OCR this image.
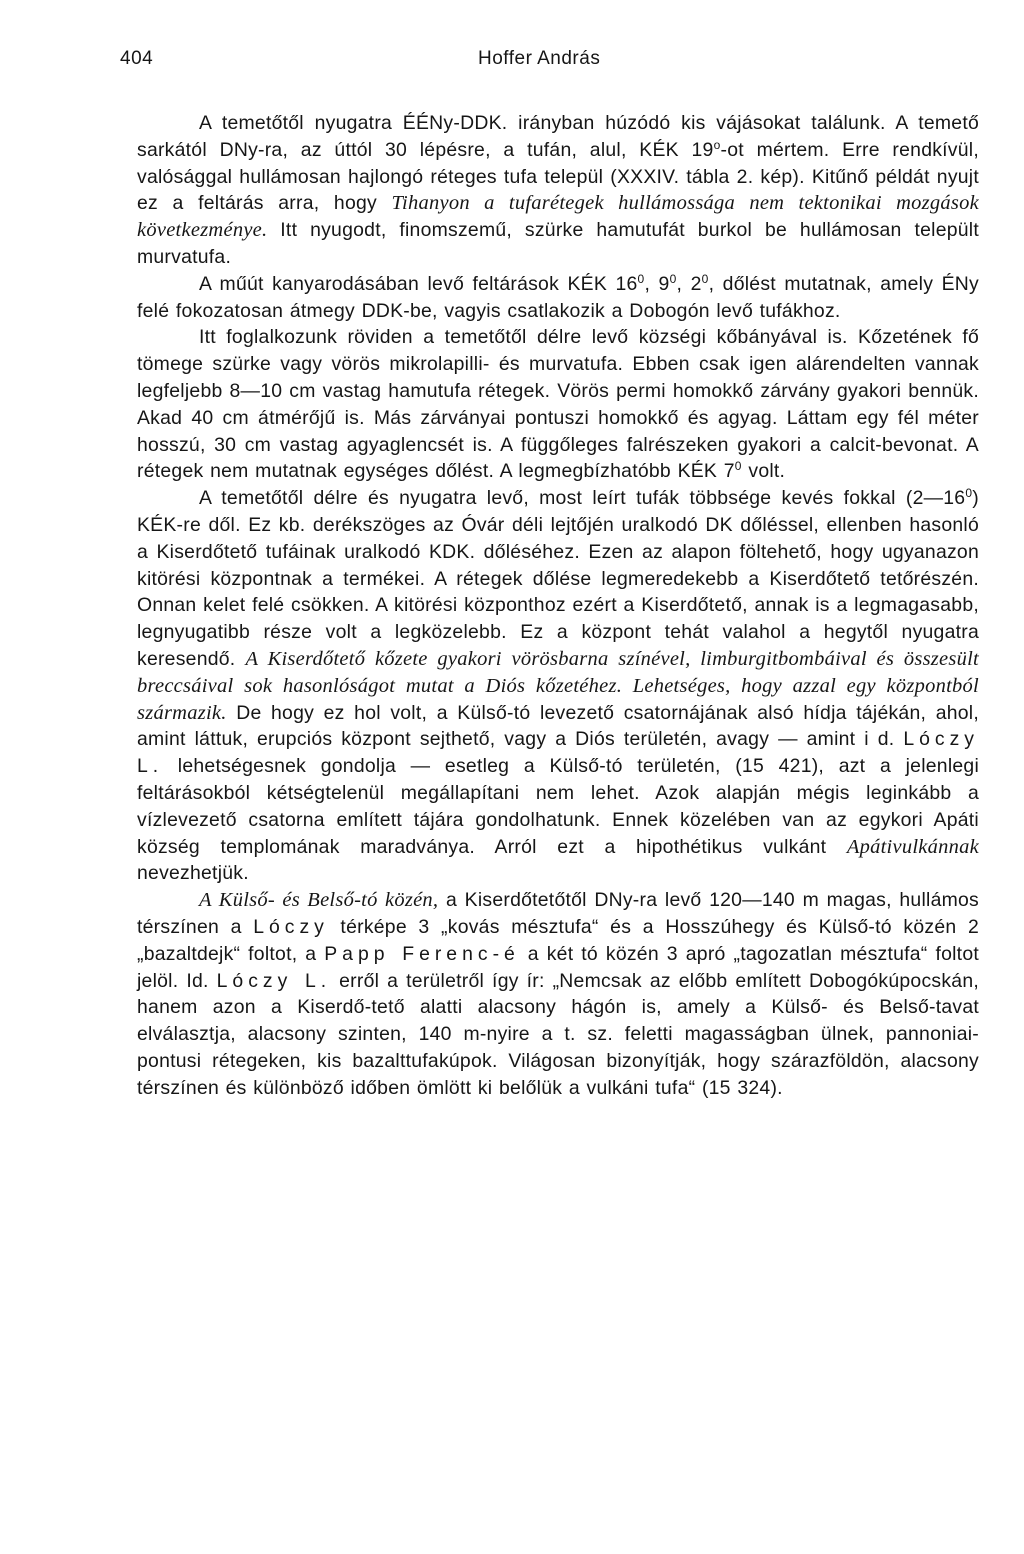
404	Hoffer András

A temetőtől nyugatra ÉÉNy-DDK. irányban húzódó kis vájásokat találunk. A temető sarkától DNy-ra, az úttól 30 lépésre, a tufán, alul, KÉK 19$^o$-ot mértem. Erre rendkívül, valósággal hullámosan hajlongó réteges tufa települ (XXXIV. tábla 2. kép). Kitűnő példát nyujt ez a feltárás arra, hogy Tihanyon a tufarétegek hullámossága nem tektonikai mozgások következménye. Itt nyugodt, finomszemű, szürke hamutufát burkol be hullámosan települt murvatufa.

A műút kanyarodásában levő feltárások KÉK $16^0$, $9^0$, $2^0$, dőlést mutatnak, amely ÉNy felé fokozatosan átmegy DDK-be, vagyis csatlakozik a Dobogón levő tufákhoz.

Itt foglalkozunk röviden a temetőtől délre levő községi kőbányával is. Kőzetének fő tömege szürke vagy vörös mikrolapilli- és murvatufa. Ebben csak igen alárendelten vannak legfeljebb 8—10 cm vastag hamutufa rétegek. Vörös permi homokkő zárvány gyakori bennük. Akad 40 cm átmérőjű is. Más zárványai pontuszi homokkő és agyag. Láttam egy fél méter hosszú, 30 cm vastag agyaglencsét is. A függőleges falrészeken gyakori a calcit-bevonat. A rétegek nem mutatnak egységes dőlést. A legmegbízhatóbb KÉK $7^0$ volt.

A temetőtől délre és nyugatra levő, most leírt tufák többsége kevés fokkal $(2—16^0)$ KÉK-re dől. Ez kb. derékszöges az Óvár déli lejtőjén uralkodó DK dőléssel, ellenben hasonló a Kiserdőtető tufáinak uralkodó KDK. dőléséhez. Ezen az alapon föltehető, hogy ugyanazon kitörési központnak a termékei. A rétegek dőlése legmeredekebb a Kiserdőtető tetőrészén. Onnan kelet felé csökken. A kitörési központhoz ezért a Kiserdőtető, annak is a legmagasabb, legnyugatibb része volt a legközelebb. Ez a központ tehát valahol a hegytől nyugatra keresendő. A Kiserdőtető kőzete gyakori vörösbarna színével, limburgitbombáival és összesült breccsáival sok hasonlóságot mutat a Diós kőzetéhez. Lehetséges, hogy azzal egy központból származik. De hogy ez hol volt, a Külső-tó levezető csatornájának alsó hídja tájékán, ahol, amint láttuk, erupciós központ sejthető, vagy a Diós területén, avagy — amint i d. Lóczy L. lehetségesnek gondolja — esetleg a Külső-tó területén, (15 421), azt a jelenlegi feltárásokból kétségtelenül megállapítani nem lehet. Azok alapján mégis leginkább a vízlevezető csatorna említett tájára gondolhatunk. Ennek közelében van az egykori Apáti község templomának maradványa. Arról ezt a hipothétikus vulkánt Apátivulkánnak nevezhetjük.

A Külső- és Belső-tó közén, a Kiserdőtetőtől DNy-ra levő 120—140 m magas, hullámos térszínen a Lóczy térképe 3 „kovás mésztufa“ és a Hosszúhegy és Külső-tó közén 2 „bazaltdejk“ foltot, a Papp Ferenc-é a két tó közén 3 apró „tagozatlan mésztufa“ foltot jelöl. Id. Lóczy L. erről a területről így ír: „Nemcsak az előbb említett Dobogókúpocskán, hanem azon a Kiserdő-tető alatti alacsony hágón is, amely a Külső- és Belső-tavat elválasztja, alacsony szinten, 140 m-nyire a t. sz. feletti magasságban ülnek, pannoniai-pontusi rétegeken, kis bazalttufakúpok. Világosan bizonyítják, hogy szárazföldön, alacsony térszínen és különböző időben ömlött ki belőlük a vulkáni tufa“ (15 324).
